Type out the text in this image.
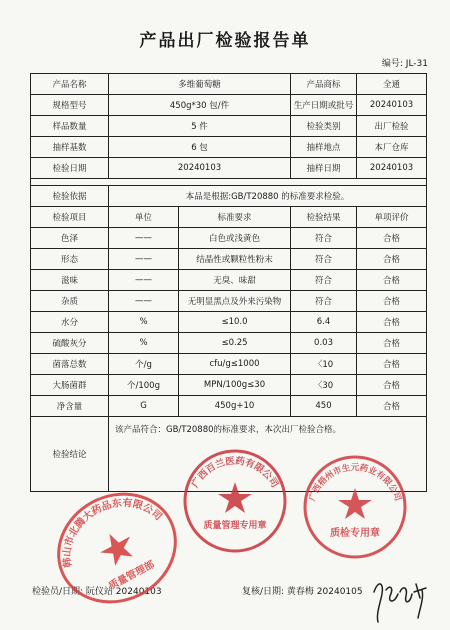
产品出厂检验报告单
编号: JL-31
产品名称	多维葡萄糖		产品商标	全通
规格型号	450g*30 包/件		生产日期或批号	20240103
样品数量	5 件		检验类别	出厂检验
抽样基数	6 包		抽样地点	本厂仓库
检验日期	20240103		抽样日期	20240103

检验依据	本品是根据:GB/T20880 的标准要求检验。			
检验项目	单位	标准要求	检验结果	单项评价
色泽	——	白色或浅黄色	符合	合格
形态	——	结晶性或颗粒性粉末	符合	合格
滋味	——	无臭、味甜	符合	合格
杂质	——	无明显黑点及外来污染物	符合	合格
水分	%	≤10.0	6.4	合格
硫酸灰分	%	≤0.25	0.03	合格
菌落总数	个/g	cfu/g≤1000	〈10	合格
大肠菌群	个/100g	MPN/100g≤30	〈30	合格
净含量	G	450g+10	450	合格
检验结论	该产品符合：GB/T20880的标准要求，本次出厂检验合格。			
检验员/日期: 阮仪站 20240103	复核/日期: 黄春梅 20240105
韩山市北腾大药品东有限公司
质量管理部
广西百兰医药有限公司
质量管理专用章
广西梧州市生元药业有限公司
质检专用章
